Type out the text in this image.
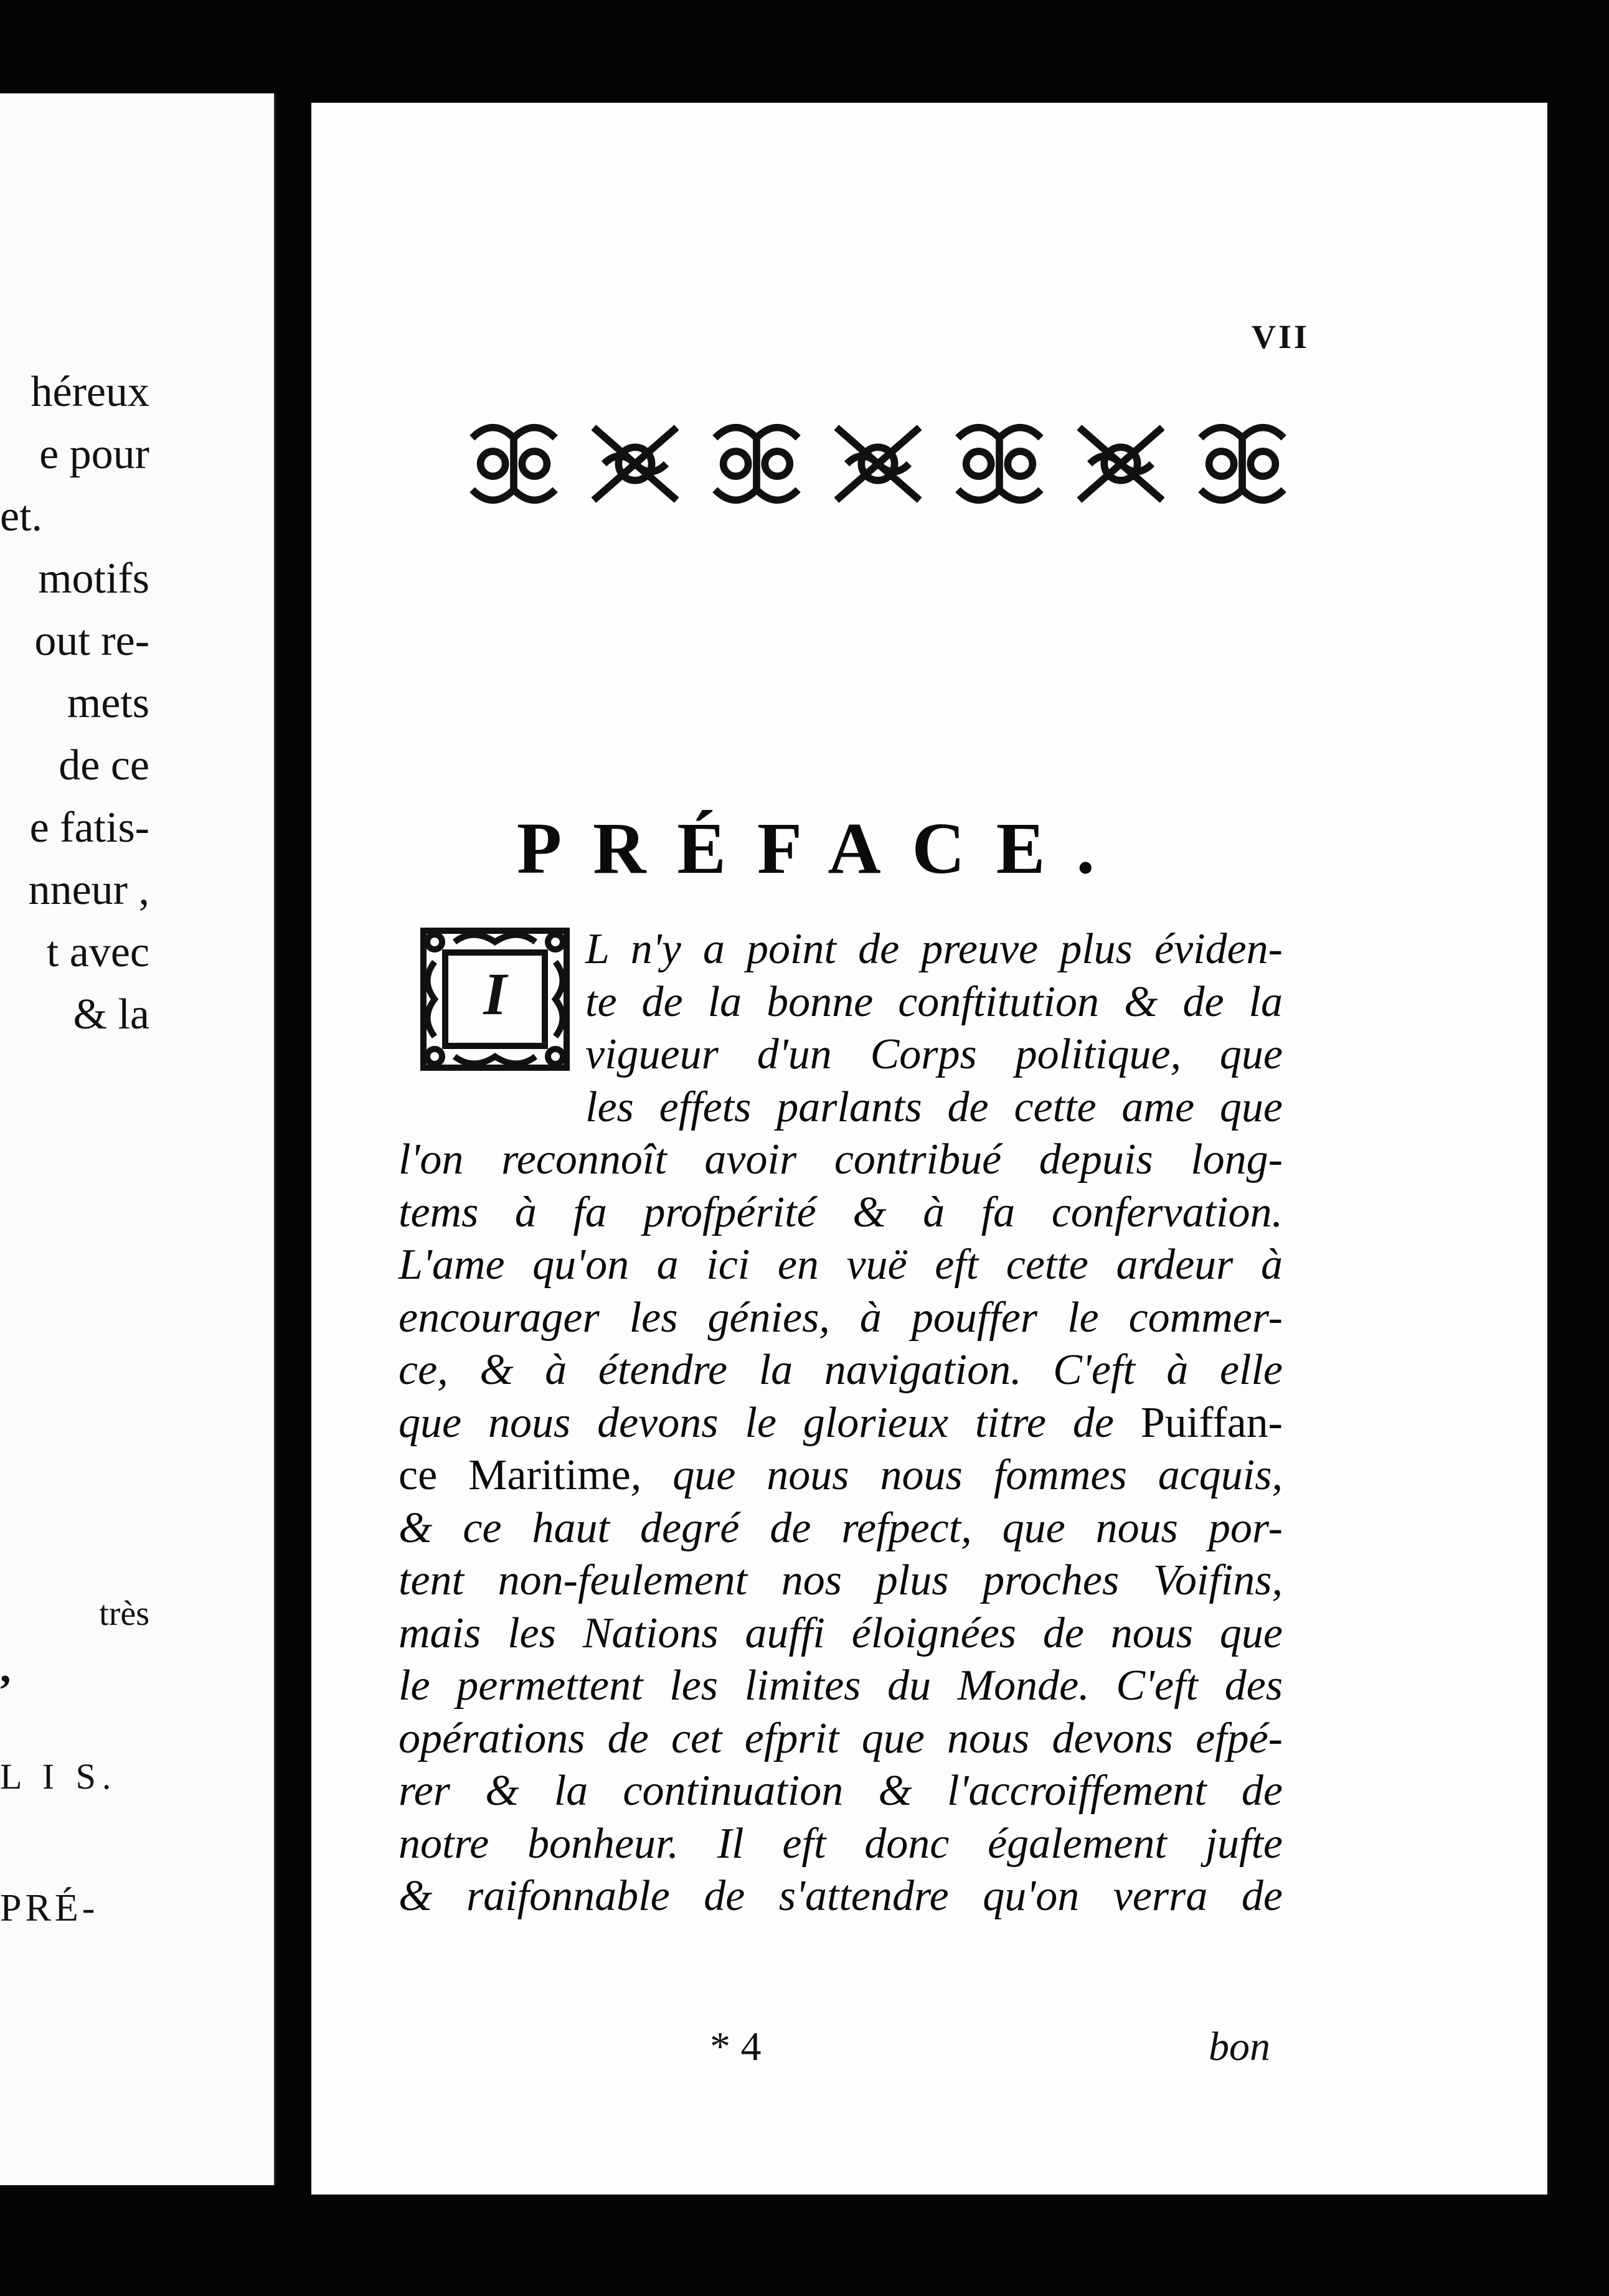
héreux
e pour
et.
motifs
out re-
mets
de ce
e fatis-
nneur ,
t avec
& la
très
,
L I S.
PRÉ-
VII
PRÉFACE.
I
L n'y a point de preuve plus éviden-
te de la bonne conftitution & de la
vigueur d'un Corps politique, que
les effets parlants de cette ame que
l'on reconnoît avoir contribué depuis long-
tems à fa profpérité & à fa confervation.
L'ame qu'on a ici en vuë eft cette ardeur à
encourager les génies, à pouffer le commer-
ce, & à étendre la navigation. C'eft à elle
que nous devons le glorieux titre de Puiffan-
ce Maritime, que nous nous fommes acquis,
& ce haut degré de refpect, que nous por-
tent non-feulement nos plus proches Voifins,
mais les Nations auffi éloignées de nous que
le permettent les limites du Monde. C'eft des
opérations de cet efprit que nous devons efpé-
rer & la continuation & l'accroiffement de
notre bonheur. Il eft donc également jufte
& raifonnable de s'attendre qu'on verra de
* 4	bon
